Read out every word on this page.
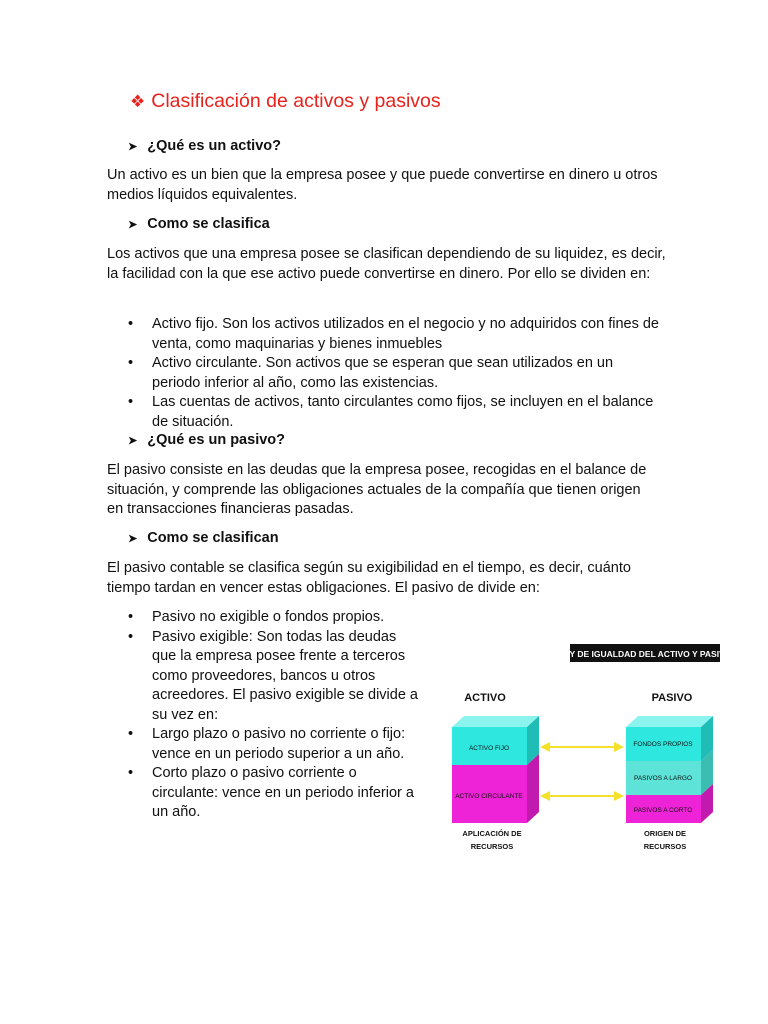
❖ Clasificación de activos y pasivos
➤ ¿Qué es un activo?
Un activo es un bien que la empresa posee y que puede convertirse en dinero u otros medios líquidos equivalentes.
➤ Como se clasifica
Los activos que una empresa posee se clasifican dependiendo de su liquidez, es decir, la facilidad con la que ese activo puede convertirse en dinero. Por ello se dividen en:
• Activo fijo. Son los activos utilizados en el negocio y no adquiridos con fines de venta, como maquinarias y bienes inmuebles
• Activo circulante. Son activos que se esperan que sean utilizados en un periodo inferior al año, como las existencias.
• Las cuentas de activos, tanto circulantes como fijos, se incluyen en el balance de situación.
➤ ¿Qué es un pasivo?
El pasivo consiste en las deudas que la empresa posee, recogidas en el balance de situación, y comprende las obligaciones actuales de la compañía que tienen origen en transacciones financieras pasadas.
➤ Como se clasifican
El pasivo contable se clasifica según su exigibilidad en el tiempo, es decir, cuánto tiempo tardan en vencer estas obligaciones. El pasivo de divide en:
• Pasivo no exigible o fondos propios.
• Pasivo exigible: Son todas las deudas que la empresa posee frente a terceros como proveedores, bancos u otros acreedores. El pasivo exigible se divide a su vez en:
• Largo plazo o pasivo no corriente o fijo: vence en un periodo superior a un año.
• Corto plazo o pasivo corriente o circulante: vence en un periodo inferior a un año.
LEY DE IGUALDAD DEL ACTIVO Y PASIVO
ACTIVO	PASIVO
ACTIVO FIJO
ACTIVO CIRCULANTE
FONDOS PROPIOS
PASIVOS A LARGO
PASIVOS A CORTO
APLICACIÓN DE
RECURSOS
ORIGEN DE
RECURSOS
